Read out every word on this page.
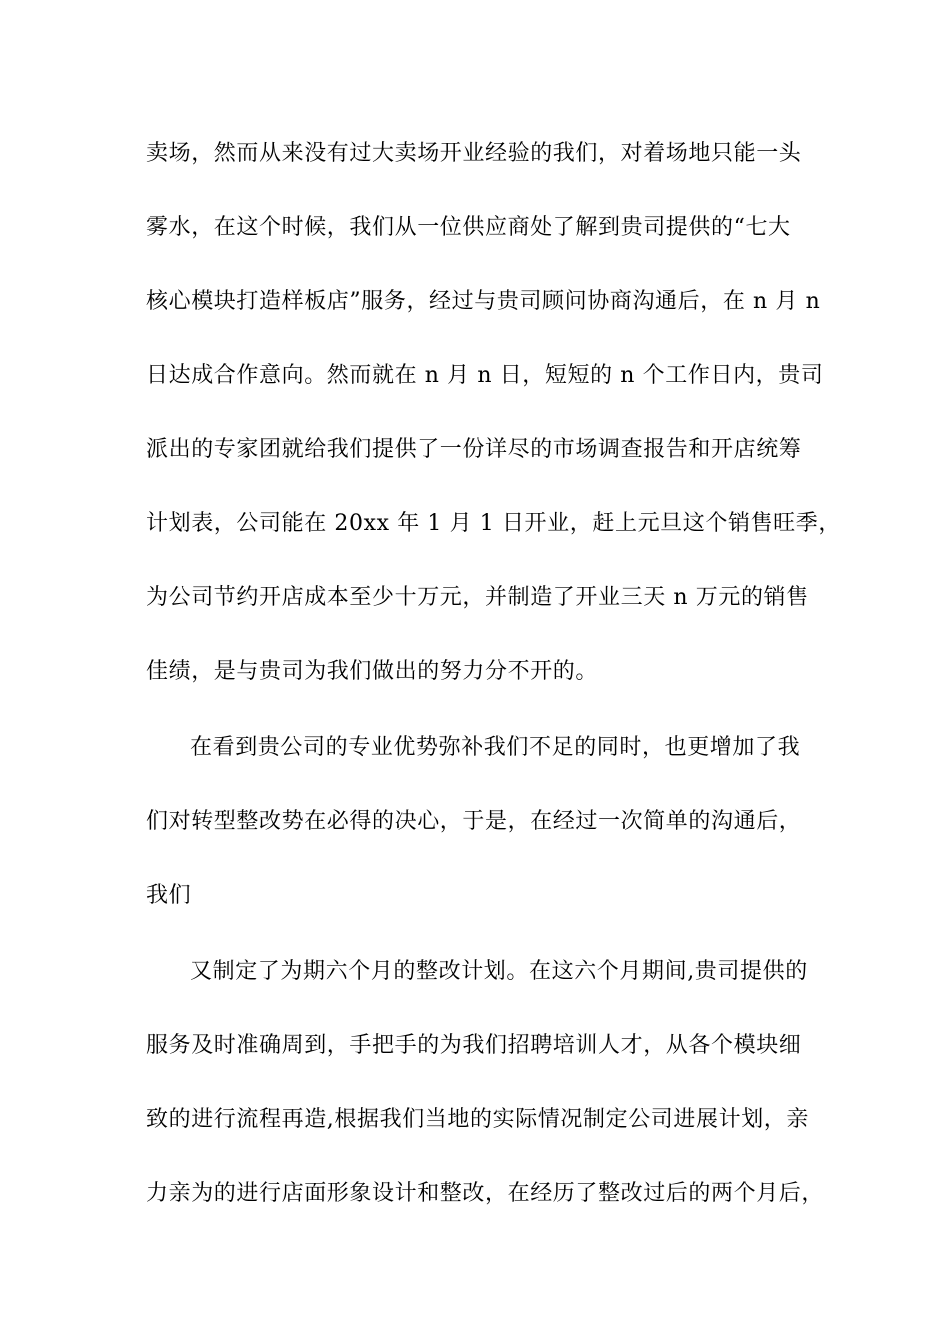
卖场，然而从来没有过大卖场开业经验的我们，对着场地只能一头
雾水，在这个时候，我们从一位供应商处了解到贵司提供的“七大
核心模块打造样板店”服务，经过与贵司顾问协商沟通后，在 n 月 n
日达成合作意向。然而就在 n 月 n 日，短短的 n 个工作日内，贵司
派出的专家团就给我们提供了一份详尽的市场调查报告和开店统筹
计划表，公司能在 20xx 年 1 月 1 日开业，赶上元旦这个销售旺季，
为公司节约开店成本至少十万元，并制造了开业三天 n 万元的销售
佳绩，是与贵司为我们做出的努力分不开的。
在看到贵公司的专业优势弥补我们不足的同时，也更增加了我
们对转型整改势在必得的决心，于是，在经过一次简单的沟通后，
我们
又制定了为期六个月的整改计划。在这六个月期间,贵司提供的
服务及时准确周到，手把手的为我们招聘培训人才，从各个模块细
致的进行流程再造,根据我们当地的实际情况制定公司进展计划，亲
力亲为的进行店面形象设计和整改，在经历了整改过后的两个月后，
